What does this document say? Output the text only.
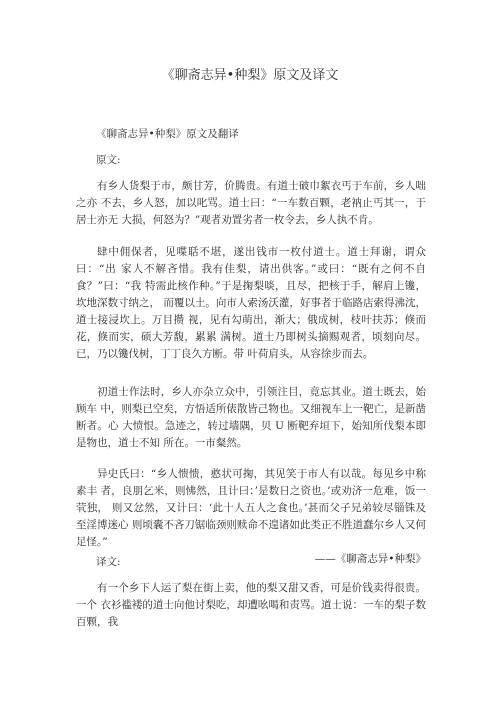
《聊斋志异•种梨》原文及译文
《聊斋志异•种梨》原文及翻译
原文:

有乡人货梨于市，颇甘芳，价腾贵。有道士破巾絮衣丐于车前，乡人咄之亦 不去，乡人怒，加以叱骂。道士曰：“一车数百颗，老衲止丐其一，于居士亦无 大损，何怒为？”观者劝置劣者一枚令去，乡人执不肯。

肆中佣保者，见喋聒不堪，遂出钱市一枚付道士。道士拜谢，谓众曰：“出 家人不解吝惜。我有佳梨，请出供客。”或曰：“既有之何不自食？”曰：“我 特需此核作种。”于是掬梨啖，且尽，把核于手，解肩上镵，坎地深数寸纳之， 而覆以土。向市人索汤沃灌，好事者于临路店索得沸沈，道士接浸坎上。万目攒 视，见有勾萌出，渐大；俄成树，枝叶扶苏；倏而花，倏而实，硕大芳馥，累累 满树。道士乃即树头摘赐观者，顷刻向尽。已，乃以镵伐树，丁丁良久方断。带 叶荷肩头，从容徐步而去。

初道士作法时，乡人亦杂立众中，引领注目，竟忘其业。道士既去，始顾车 中，则梨已空矣，方悟适所俵散皆己物也。又细视车上一靶亡，是新凿断者。心 大愤恨。急迹之，转过墙隅，贝 U 断靶弃垣下，始知所伐梨本即是物也，道士不知 所在。一市粲然。

异史氏曰：“乡人愦愦，憨状可掬，其见笑于市人有以哉。每见乡中称素丰 者，良朋乞米，则怫然，且计曰：’是数日之资也。’或劝济一危难，饭一茕独， 则又忿然，又计曰：‘此十人五人之食也。’甚而父子兄弟较尽锱铢及至淫博迷心 则顷囊不吝刀锯临颈则赎命不遑诸如此类正不胜道蠢尔乡人又何足怪。”

——《聊斋志异•种梨》

译文:

有一个乡下人运了梨在街上卖，他的梨又甜又香，可是价钱卖得很贵。一个 衣衫褴褛的道士向他讨梨吃，却遭吆喝和责骂。道士说：一车的梨子数百颗，我
